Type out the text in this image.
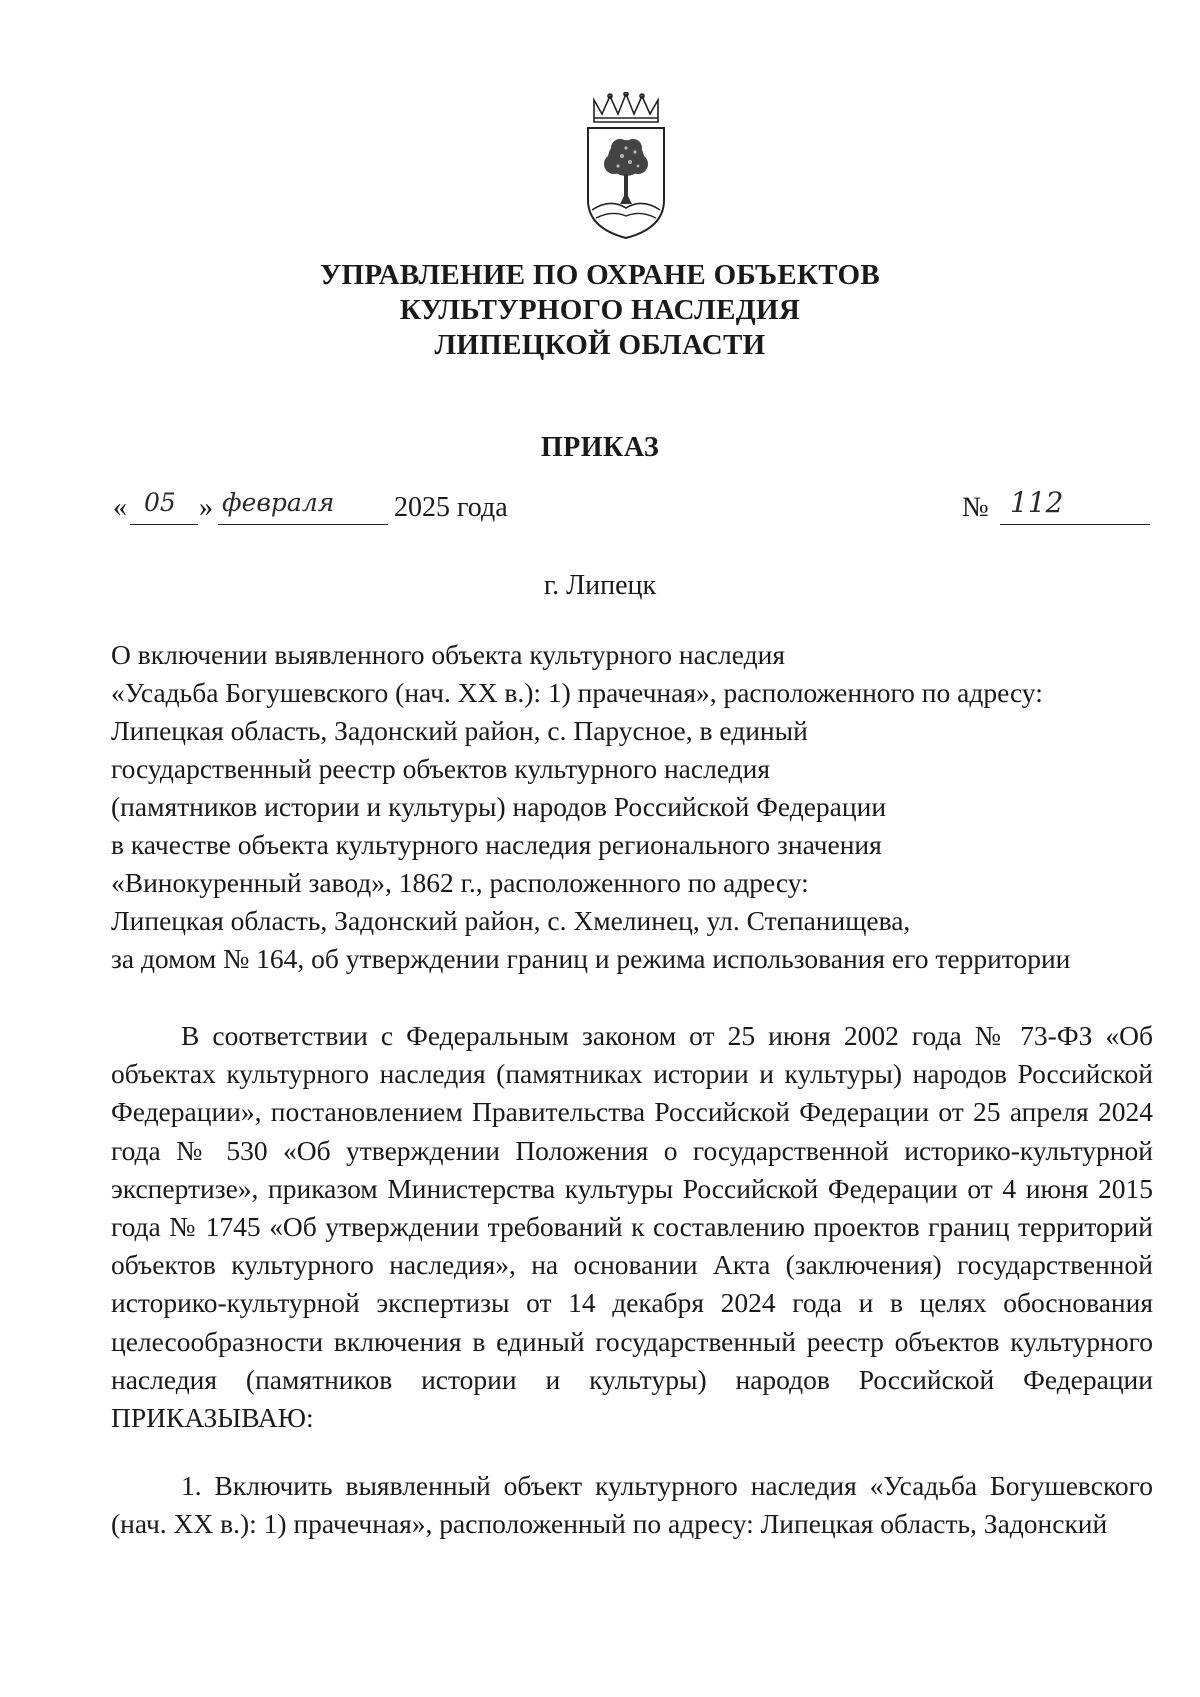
УПРАВЛЕНИЕ ПО ОХРАНЕ ОБЪЕКТОВ
КУЛЬТУРНОГО НАСЛЕДИЯ
ЛИПЕЦКОЙ ОБЛАСТИ
ПРИКАЗ
« 05 » февраля 2025 года	№ 112
г. Липецк
О включении выявленного объекта культурного наследия
«Усадьба Богушевского (нач. XX в.): 1) прачечная», расположенного по адресу:
Липецкая область, Задонский район, с. Парусное, в единый
государственный реестр объектов культурного наследия
(памятников истории и культуры) народов Российской Федерации
в качестве объекта культурного наследия регионального значения
«Винокуренный завод», 1862 г., расположенного по адресу:
Липецкая область, Задонский район, с. Хмелинец, ул. Степанищева,
за домом № 164, об утверждении границ и режима использования его территории
В соответствии с Федеральным законом от 25 июня 2002 года № 73-ФЗ «Об объектах культурного наследия (памятниках истории и культуры) народов Российской Федерации», постановлением Правительства Российской Федерации от 25 апреля 2024 года № 530 «Об утверждении Положения о государственной историко-культурной экспертизе», приказом Министерства культуры Российской Федерации от 4 июня 2015 года № 1745 «Об утверждении требований к составлению проектов границ территорий объектов культурного наследия», на основании Акта (заключения) государственной историко-культурной экспертизы от 14 декабря 2024 года и в целях обоснования целесообразности включения в единый государственный реестр объектов культурного наследия (памятников истории и культуры) народов Российской Федерации ПРИКАЗЫВАЮ:
1. Включить выявленный объект культурного наследия «Усадьба Богушевского (нач. XX в.): 1) прачечная», расположенный по адресу: Липецкая область, Задонский
